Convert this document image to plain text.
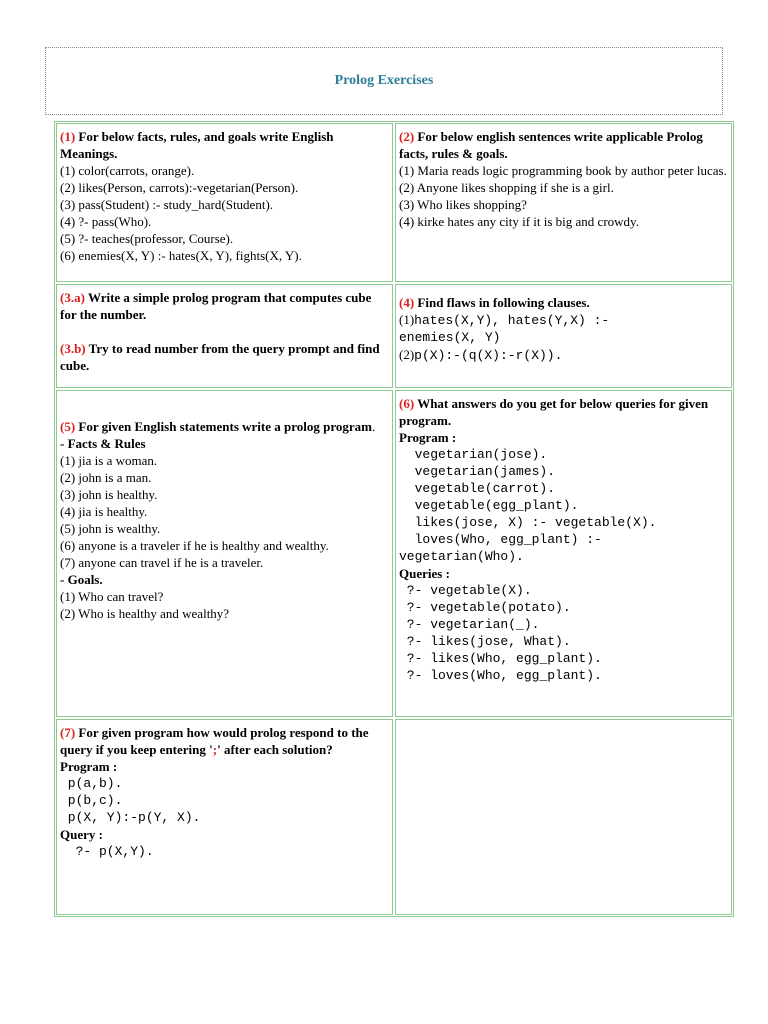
Prolog Exercises
(1) For below facts, rules, and goals write English Meanings.
(1) color(carrots, orange).
(2) likes(Person, carrots):-vegetarian(Person).
(3) pass(Student) :- study_hard(Student).
(4) ?- pass(Who).
(5) ?- teaches(professor, Course).
(6) enemies(X, Y) :- hates(X, Y), fights(X, Y).
(2) For below english sentences write applicable Prolog facts, rules & goals.
(1) Maria reads logic programming book by author peter lucas.
(2) Anyone likes shopping if she is a girl.
(3) Who likes shopping?
(4) kirke hates any city if it is big and crowdy.
(3.a) Write a simple prolog program that computes cube for the number.
(3.b) Try to read number from the query prompt and find cube.
(4) Find flaws in following clauses.
(1)hates(X,Y), hates(Y,X) :-
enemies(X, Y)
(2)p(X):-(q(X):-r(X)).
(5) For given English statements write a prolog program.
- Facts & Rules
(1) jia is a woman.
(2) john is a man.
(3) john is healthy.
(4) jia is healthy.
(5) john is wealthy.
(6) anyone is a traveler if he is healthy and wealthy.
(7) anyone can travel if he is a traveler.
- Goals.
(1) Who can travel?
(2) Who is healthy and wealthy?
(6) What answers do you get for below queries for given program.
Program :
vegetarian(jose).
vegetarian(james).
vegetable(carrot).
vegetable(egg_plant).
likes(jose, X) :- vegetable(X).
loves(Who, egg_plant) :-
vegetarian(Who).
Queries :
?- vegetable(X).
?- vegetable(potato).
?- vegetarian(_).
?- likes(jose, What).
?- likes(Who, egg_plant).
?- loves(Who, egg_plant).
(7) For given program how would prolog respond to the query if you keep entering ';' after each solution?
Program :
p(a,b).
p(b,c).
p(X, Y):-p(Y, X).
Query :
?- p(X,Y).
